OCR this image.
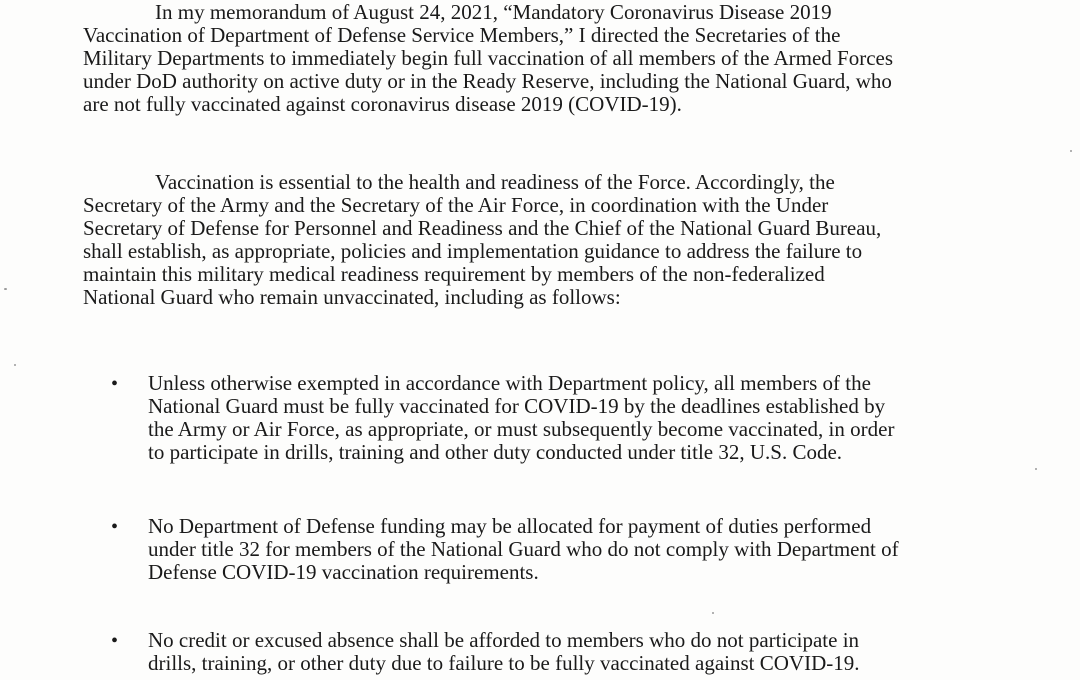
In my memorandum of August 24, 2021, “Mandatory Coronavirus Disease 2019
Vaccination of Department of Defense Service Members,” I directed the Secretaries of the
Military Departments to immediately begin full vaccination of all members of the Armed Forces
under DoD authority on active duty or in the Ready Reserve, including the National Guard, who
are not fully vaccinated against coronavirus disease 2019 (COVID-19).
Vaccination is essential to the health and readiness of the Force. Accordingly, the
Secretary of the Army and the Secretary of the Air Force, in coordination with the Under
Secretary of Defense for Personnel and Readiness and the Chief of the National Guard Bureau,
shall establish, as appropriate, policies and implementation guidance to address the failure to
maintain this military medical readiness requirement by members of the non-federalized
National Guard who remain unvaccinated, including as follows:
•	Unless otherwise exempted in accordance with Department policy, all members of the
National Guard must be fully vaccinated for COVID-19 by the deadlines established by
the Army or Air Force, as appropriate, or must subsequently become vaccinated, in order
to participate in drills, training and other duty conducted under title 32, U.S. Code.
•	No Department of Defense funding may be allocated for payment of duties performed
under title 32 for members of the National Guard who do not comply with Department of
Defense COVID-19 vaccination requirements.
•	No credit or excused absence shall be afforded to members who do not participate in
drills, training, or other duty due to failure to be fully vaccinated against COVID-19.
